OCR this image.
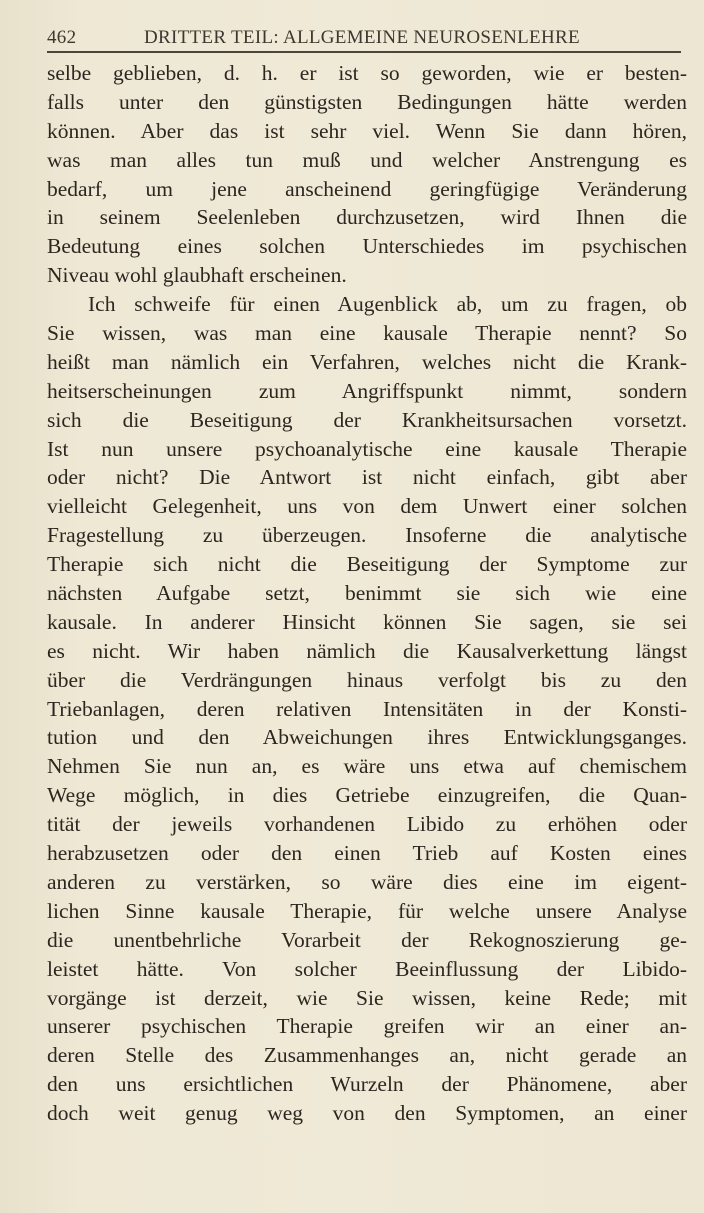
462	DRITTER TEIL: ALLGEMEINE NEUROSENLEHRE
selbe geblieben, d. h. er ist so geworden, wie er besten-
falls unter den günstigsten Bedingungen hätte werden
können. Aber das ist sehr viel. Wenn Sie dann hören,
was man alles tun muß und welcher Anstrengung es
bedarf, um jene anscheinend geringfügige Veränderung
in seinem Seelenleben durchzusetzen, wird Ihnen die
Bedeutung eines solchen Unterschiedes im psychischen
Niveau wohl glaubhaft erscheinen.
Ich schweife für einen Augenblick ab, um zu fragen, ob
Sie wissen, was man eine kausale Therapie nennt? So
heißt man nämlich ein Verfahren, welches nicht die Krank-
heitserscheinungen zum Angriffspunkt nimmt, sondern
sich die Beseitigung der Krankheitsursachen vorsetzt.
Ist nun unsere psychoanalytische eine kausale Therapie
oder nicht? Die Antwort ist nicht einfach, gibt aber
vielleicht Gelegenheit, uns von dem Unwert einer solchen
Fragestellung zu überzeugen. Insoferne die analytische
Therapie sich nicht die Beseitigung der Symptome zur
nächsten Aufgabe setzt, benimmt sie sich wie eine
kausale. In anderer Hinsicht können Sie sagen, sie sei
es nicht. Wir haben nämlich die Kausalverkettung längst
über die Verdrängungen hinaus verfolgt bis zu den
Triebanlagen, deren relativen Intensitäten in der Konsti-
tution und den Abweichungen ihres Entwicklungsganges.
Nehmen Sie nun an, es wäre uns etwa auf chemischem
Wege möglich, in dies Getriebe einzugreifen, die Quan-
tität der jeweils vorhandenen Libido zu erhöhen oder
herabzusetzen oder den einen Trieb auf Kosten eines
anderen zu verstärken, so wäre dies eine im eigent-
lichen Sinne kausale Therapie, für welche unsere Analyse
die unentbehrliche Vorarbeit der Rekognoszierung ge-
leistet hätte. Von solcher Beeinflussung der Libido-
vorgänge ist derzeit, wie Sie wissen, keine Rede; mit
unserer psychischen Therapie greifen wir an einer an-
deren Stelle des Zusammenhanges an, nicht gerade an
den uns ersichtlichen Wurzeln der Phänomene, aber
doch weit genug weg von den Symptomen, an einer
